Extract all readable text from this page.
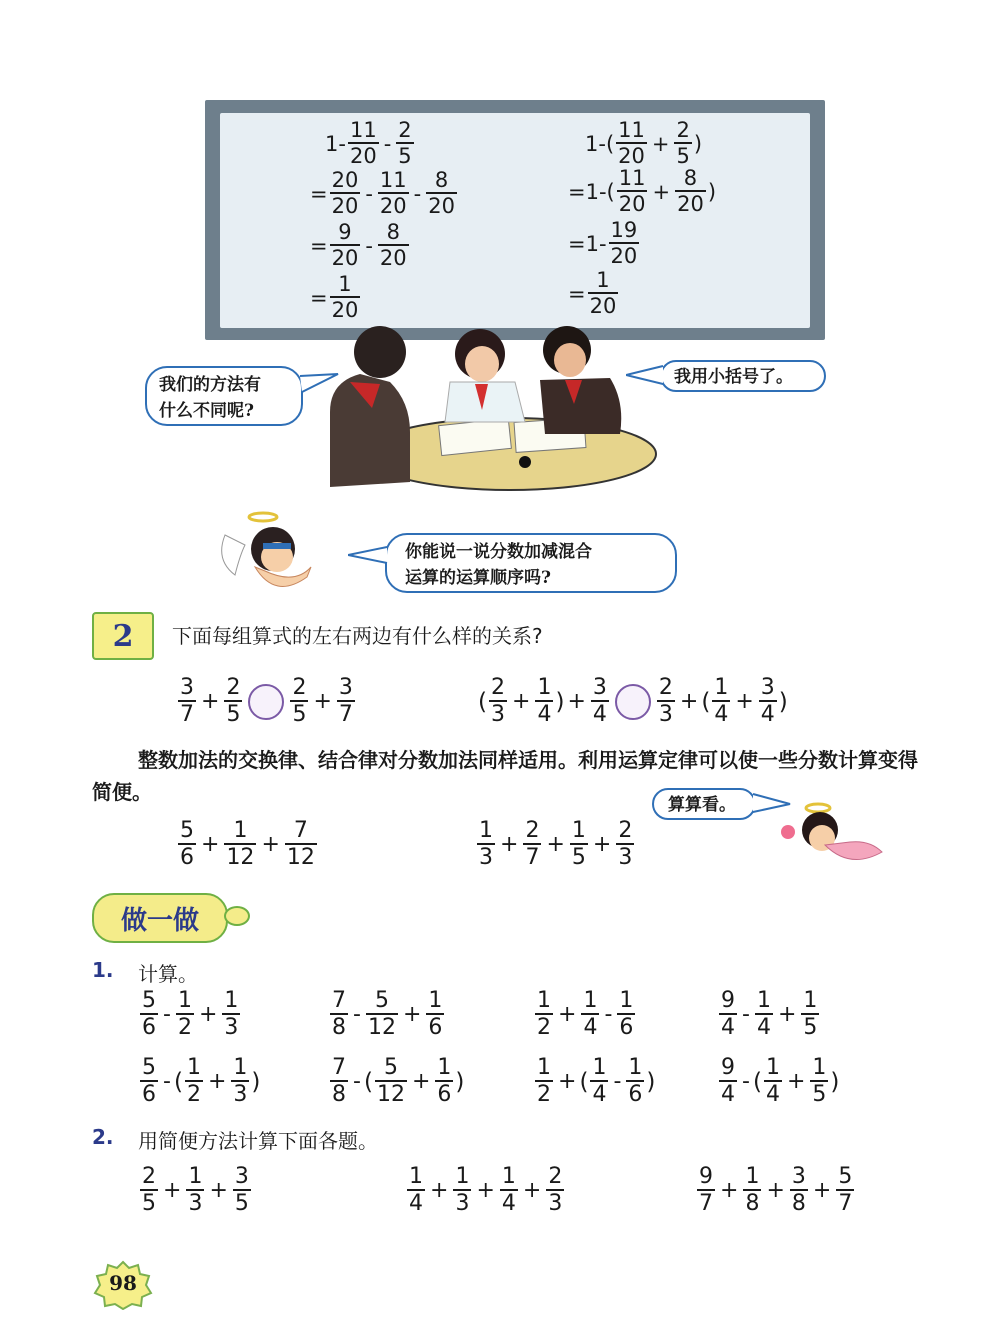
$1- \frac{11}{20} - \frac{2}{5}$
= $\frac{20}{20} - \frac{11}{20} - \frac{8}{20}$
= $\frac{9}{20} - \frac{8}{20}$
= $\frac{1}{20}$
$1-( \frac{11}{20} + \frac{2}{5}$ )
$=1-( \frac{11}{20} + \frac{8}{20}$ )
$=1- \frac{19}{20}$
= $\frac{1}{20}$
我们的方法有
什么不同呢?
我用小括号了。
你能说一说分数加减混合
运算的运算顺序吗?
2	下面每组算式的左右两边有什么样的关系?
$\frac{3}{7} + \frac{2}{5} \frac{2}{5} + \frac{3}{7}$	( $\frac{2}{3} + \frac{1}{4}$ ) + $\frac{3}{4} \frac{2}{3}$ + ( $\frac{1}{4} + \frac{3}{4}$ )
整数加法的交换律、结合律对分数加法同样适用。利用运算定律可以使一些分数计算变得简便。
算算看。
$\frac{5}{6} + \frac{1}{12} + \frac{7}{12}$	$\frac{1}{3} + \frac{2}{7} + \frac{1}{5} + \frac{2}{3}$
做一做
1. 计算。
$\frac{5}{6} - \frac{1}{2} + \frac{1}{3}$	$\frac{7}{8} - \frac{5}{12} + \frac{1}{6}$	$\frac{1}{2} + \frac{1}{4} - \frac{1}{6}$	$\frac{9}{4} - \frac{1}{4} + \frac{1}{5}$
$\frac{5}{6}$ - ( $\frac{1}{2} + \frac{1}{3}$ )	$\frac{7}{8}$ - ( $\frac{5}{12} + \frac{1}{6}$ )	$\frac{1}{2}$ + ( $\frac{1}{4} - \frac{1}{6}$ )	$\frac{9}{4}$ - ( $\frac{1}{4} + \frac{1}{5}$ )
2. 用简便方法计算下面各题。
$\frac{2}{5} + \frac{1}{3} + \frac{3}{5}$	$\frac{1}{4} + \frac{1}{3} + \frac{1}{4} + \frac{2}{3}$	$\frac{9}{7} + \frac{1}{8} + \frac{3}{8} + \frac{5}{7}$
98
